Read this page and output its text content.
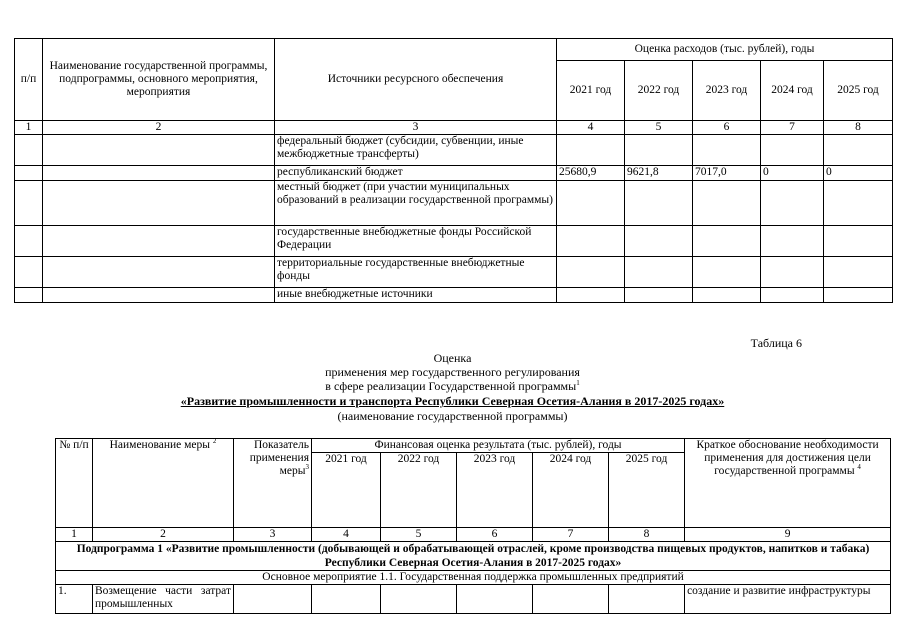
п/п	Наименование государственной программы, подпрограммы, основного мероприятия, мероприятия	Источники ресурсного обеспечения	Оценка расходов (тыс. рублей), годы				
			2021 год	2022 год	2023 год	2024 год	2025 год
1	2	3	4	5	6	7	8
		федеральный бюджет (субсидии, субвенции, иные межбюджетные трансферты)					
		республиканский бюджет	25680,9	9621,8	7017,0	0	0
		местный бюджет (при участии муниципальных образований в реализации государственной программы)					
		государственные внебюджетные фонды Российской Федерации					
		территориальные государственные внебюджетные фонды					
		иные внебюджетные источники					
Таблица 6
Оценка
применения мер государственного регулирования
в сфере реализации Государственной программы$^1$
«Развитие промышленности и транспорта Республики Северная Осетия-Алания в 2017-2025 годах»
(наименование государственной программы)
№ п/п	Наименование меры $^2$	Показатель применения меры$^3$	Финансовая оценка результата (тыс. рублей), годы					Краткое обоснование необходимости применения для достижения цели государственной программы $^4$
			2021 год	2022 год	2023 год	2024 год	2025 год	
1	2	3	4	5	6	7	8	9
Подпрограмма 1 «Развитие промышленности (добывающей и обрабатывающей отраслей, кроме производства пищевых продуктов, напитков и табака) Республики Северная Осетия-Алания в 2017-2025 годах»								
Основное мероприятие 1.1. Государственная поддержка промышленных предприятий								
1.	Возмещение части затрат промышленных							создание и развитие инфраструктуры
